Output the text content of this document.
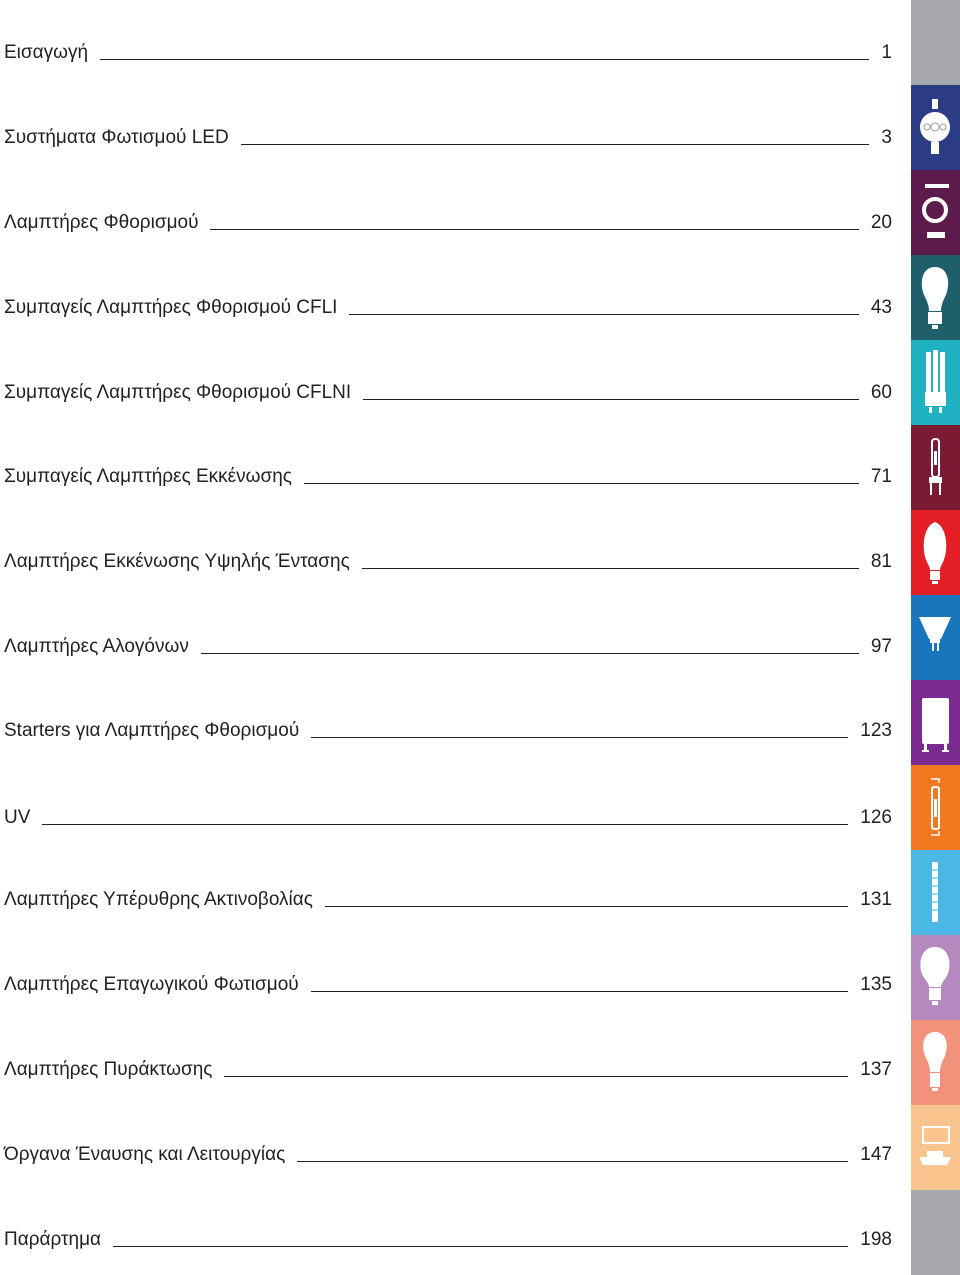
Εισαγωγή	1
Συστήματα Φωτισμού LED	3
Λαμπτήρες Φθορισμού	20
Συμπαγείς Λαμπτήρες Φθορισμού CFLI	43
Συμπαγείς Λαμπτήρες Φθορισμού CFLNI	60
Συμπαγείς Λαμπτήρες Εκκένωσης	71
Λαμπτήρες Εκκένωσης Υψηλής Έντασης	81
Λαμπτήρες Αλογόνων	97
Starters για Λαμπτήρες Φθορισμού	123
UV	126
Λαμπτήρες Υπέρυθρης Ακτινοβολίας	131
Λαμπτήρες Επαγωγικού Φωτισμού	135
Λαμπτήρες Πυράκτωσης	137
Όργανα Έναυσης και Λειτουργίας	147
Παράρτημα	198
